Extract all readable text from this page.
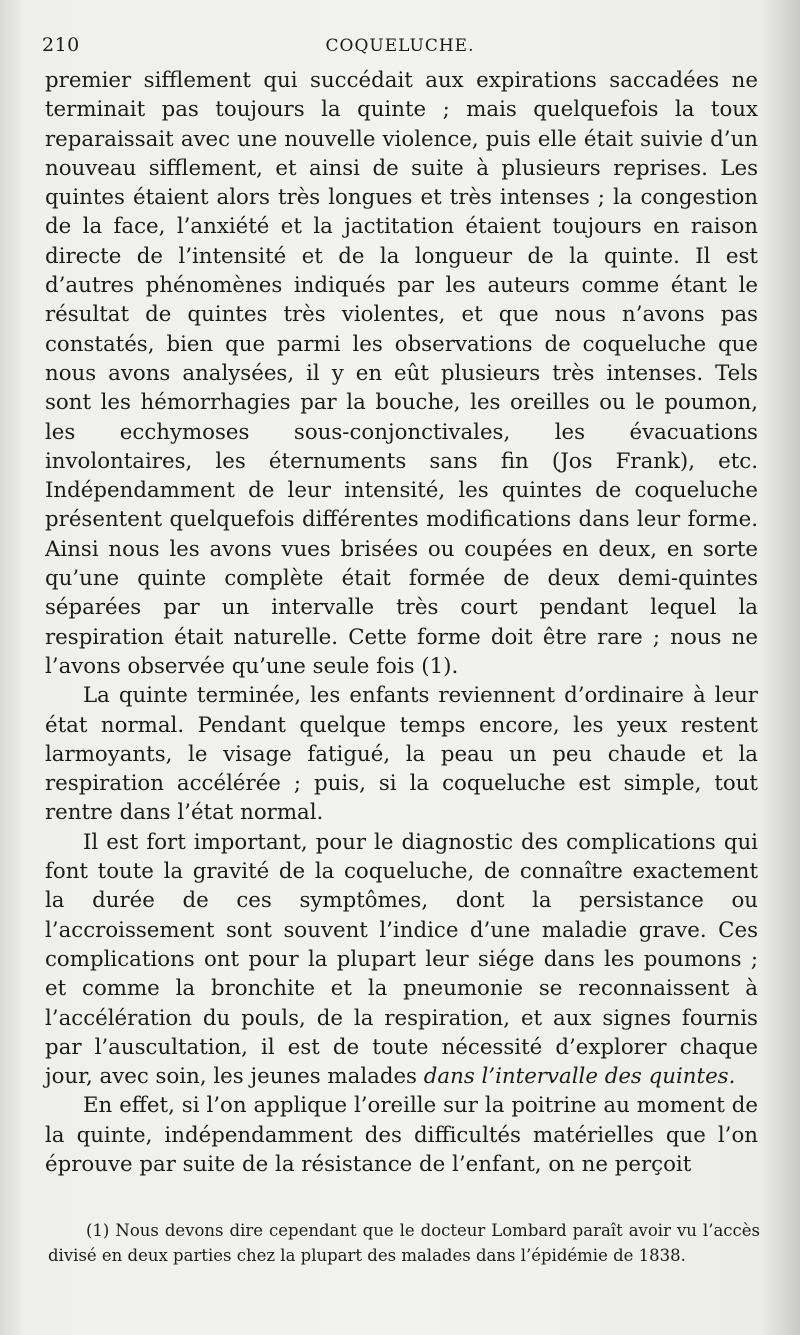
210	COQUELUCHE.

premier sifflement qui succédait aux expirations saccadées ne terminait pas toujours la quinte ; mais quelquefois la toux reparaissait avec une nouvelle violence, puis elle était suivie d’un nouveau sifflement, et ainsi de suite à plusieurs reprises. Les quintes étaient alors très longues et très intenses ; la congestion de la face, l’anxiété et la jactitation étaient toujours en raison directe de l’intensité et de la longueur de la quinte. Il est d’autres phénomènes indiqués par les auteurs comme étant le résultat de quintes très violentes, et que nous n’avons pas constatés, bien que parmi les observations de coqueluche que nous avons analysées, il y en eût plusieurs très intenses. Tels sont les hémorrhagies par la bouche, les oreilles ou le poumon, les ecchymoses sous-conjonctivales, les évacuations involontaires, les éternuments sans fin (Jos Frank), etc. Indépendamment de leur intensité, les quintes de coqueluche présentent quelquefois différentes modifications dans leur forme. Ainsi nous les avons vues brisées ou coupées en deux, en sorte qu’une quinte complète était formée de deux demi-quintes séparées par un intervalle très court pendant lequel la respiration était naturelle. Cette forme doit être rare ; nous ne l’avons observée qu’une seule fois (1).

La quinte terminée, les enfants reviennent d’ordinaire à leur état normal. Pendant quelque temps encore, les yeux restent larmoyants, le visage fatigué, la peau un peu chaude et la respiration accélérée ; puis, si la coqueluche est simple, tout rentre dans l’état normal.

Il est fort important, pour le diagnostic des complications qui font toute la gravité de la coqueluche, de connaître exactement la durée de ces symptômes, dont la persistance ou l’accroissement sont souvent l’indice d’une maladie grave. Ces complications ont pour la plupart leur siége dans les poumons ; et comme la bronchite et la pneumonie se reconnaissent à l’accélération du pouls, de la respiration, et aux signes fournis par l’auscultation, il est de toute nécessité d’explorer chaque jour, avec soin, les jeunes malades dans l’intervalle des quintes.

En effet, si l’on applique l’oreille sur la poitrine au moment de la quinte, indépendamment des difficultés matérielles que l’on éprouve par suite de la résistance de l’enfant, on ne perçoit

(1) Nous devons dire cependant que le docteur Lombard paraît avoir vu l’accès divisé en deux parties chez la plupart des malades dans l’épidémie de 1838.
